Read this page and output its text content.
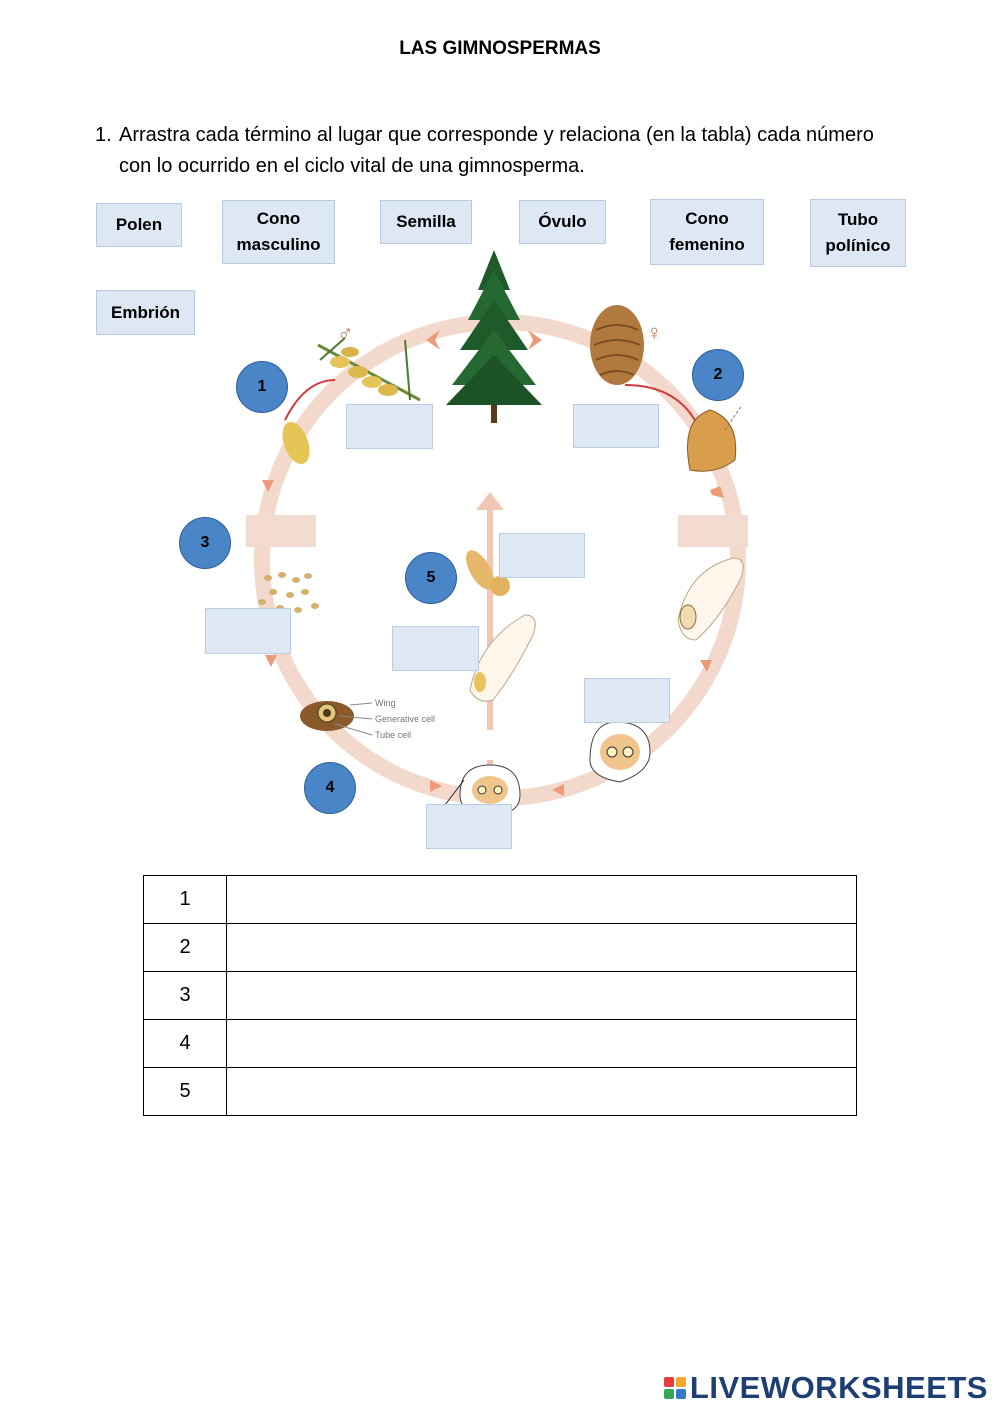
LAS GIMNOSPERMAS
1. Arrastra cada término al lugar que corresponde y relaciona (en la tabla) cada número con lo ocurrido en el ciclo vital de una gimnosperma.
Polen	Cono masculino
Semilla	Óvulo	Cono femenino
Tubo polínico
Embrión
♂	♀
Wing
Generative cell
Tube cell
1
2
3
4
5
1	
2	
3	
4	
5	
LIVEWORKSHEETS
